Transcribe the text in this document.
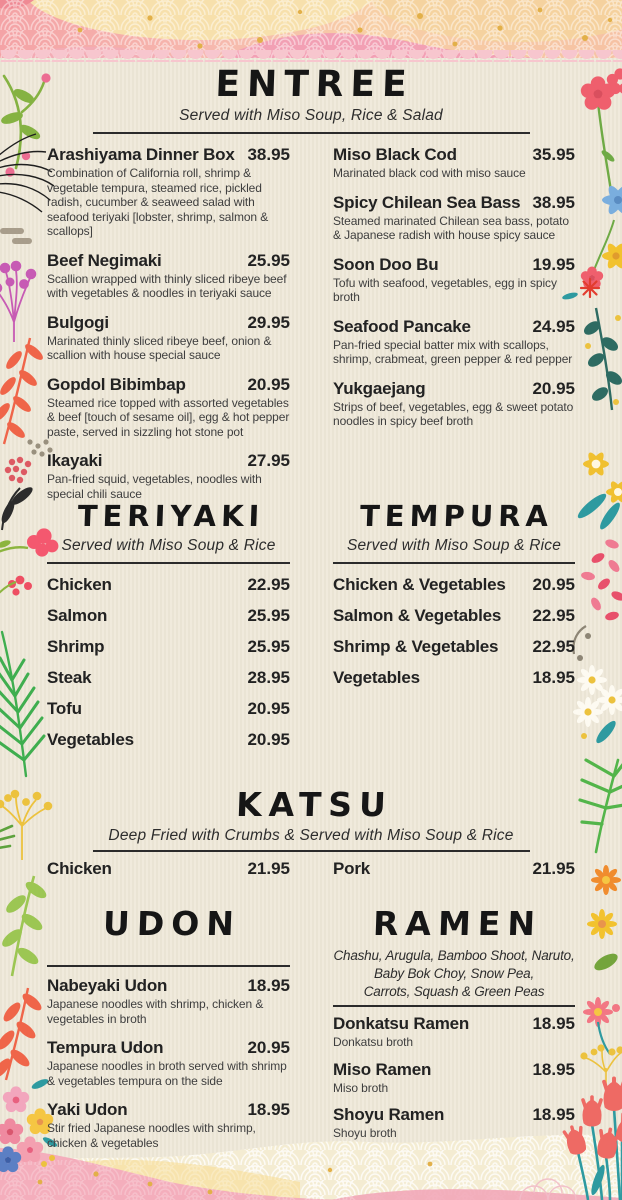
ENTREE
Served with Miso Soup, Rice & Salad
Arashiyama Dinner Box 38.95
Combination of California roll, shrimp & vegetable tempura, steamed rice, pickled radish, cucumber & seaweed salad with seafood teriyaki [lobster, shrimp, salmon & scallops]
Beef Negimaki	25.95
Scallion wrapped with thinly sliced ribeye beef with vegetables & noodles in teriyaki sauce
Bulgogi	29.95
Marinated thinly sliced ribeye beef, onion & scallion with house special sauce
Gopdol Bibimbap	20.95
Steamed rice topped with assorted vegetables & beef [touch of sesame oil], egg & hot pepper paste, served in sizzling hot stone pot
Ikayaki	27.95
Pan-fried squid, vegetables, noodles with special chili sauce
Miso Black Cod	35.95
Marinated black cod with miso sauce
Spicy Chilean Sea Bass 38.95
Steamed marinated Chilean sea bass, potato & Japanese radish with house spicy sauce
Soon Doo Bu	19.95
Tofu with seafood, vegetables, egg in spicy broth
Seafood Pancake	24.95
Pan-fried special batter mix with scallops, shrimp, crabmeat, green pepper & red pepper
Yukgaejang	20.95
Strips of beef, vegetables, egg & sweet potato noodles in spicy beef broth
TERIYAKI
Served with Miso Soup & Rice
Chicken	22.95
Salmon	25.95
Shrimp	25.95
Steak	28.95
Tofu	20.95
Vegetables	20.95
TEMPURA
Served with Miso Soup & Rice
Chicken & Vegetables 20.95
Salmon & Vegetables 22.95
Shrimp & Vegetables 22.95
Vegetables	18.95
KATSU
Deep Fried with Crumbs & Served with Miso Soup & Rice
Chicken	21.95	Pork	21.95
UDON
Nabeyaki Udon	18.95
Japanese noodles with shrimp, chicken & vegetables in broth
Tempura Udon	20.95
Japanese noodles in broth served with shrimp & vegetables tempura on the side
Yaki Udon	18.95
Stir fried Japanese noodles with shrimp, chicken & vegetables
RAMEN
Chashu, Arugula, Bamboo Shoot, Naruto,
Baby Bok Choy, Snow Pea,
Carrots, Squash & Green Peas
Donkatsu Ramen	18.95
Donkatsu broth
Miso Ramen	18.95
Miso broth
Shoyu Ramen	18.95
Shoyu broth
